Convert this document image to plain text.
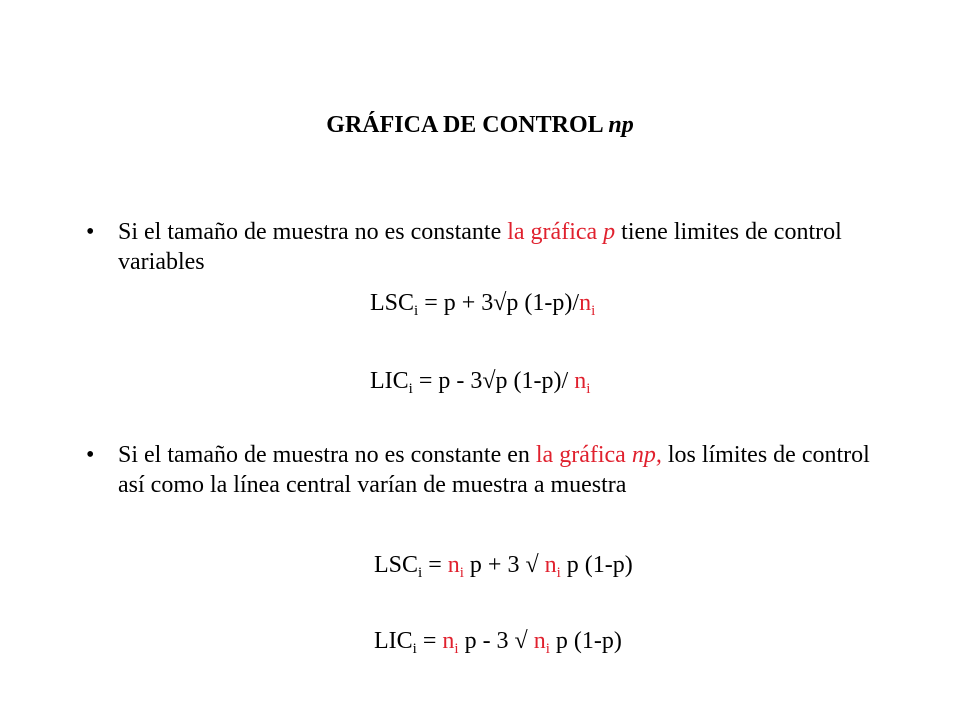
GRÁFICA DE CONTROL np
• Si el tamaño de muestra no es constante la gráfica p tiene limites de control variables
$LSC_i = p + 3√p$ $(1-p)/n_i$
$LIC_i = p - 3√p$ (1-p)/ $n_i$
• Si el tamaño de muestra no es constante en la gráfica np, los límites de control así como la línea central varían de muestra a muestra
$LSC_i = n_i$ p + 3 √ $n_i$ p (1-p)
$LIC_i = n_i$ p - 3 √ $n_i$ p (1-p)
